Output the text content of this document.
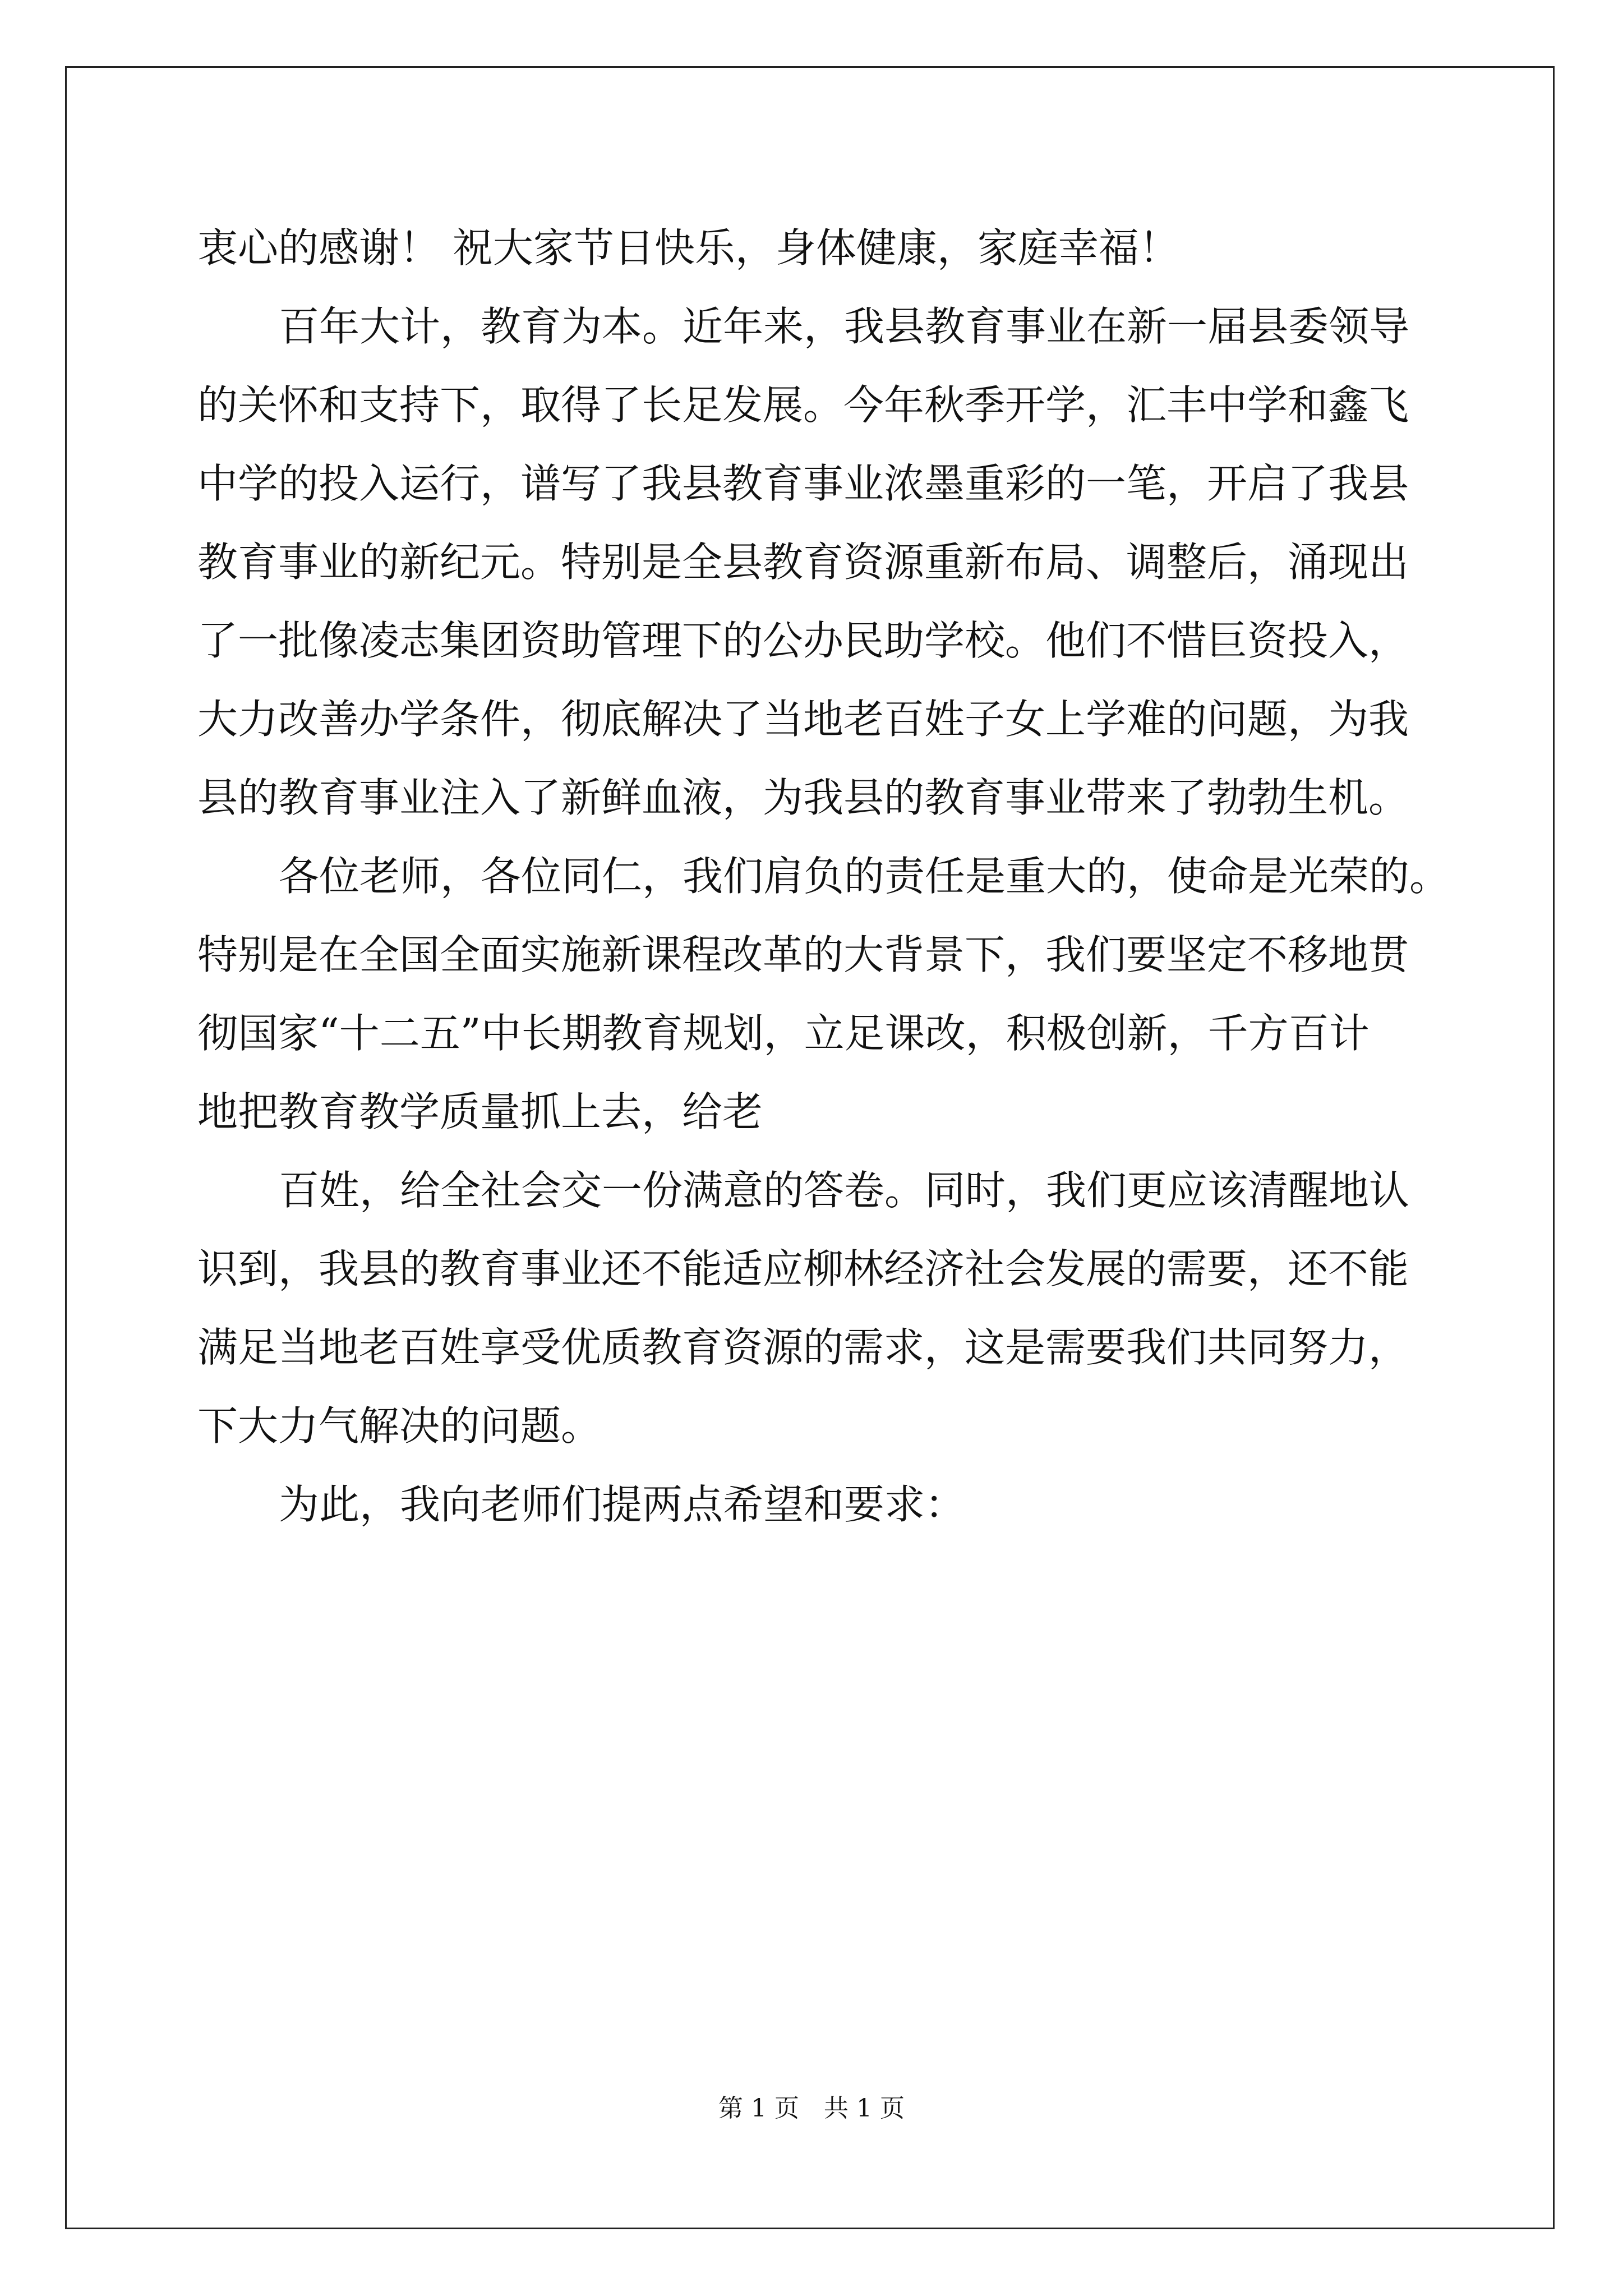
衷心的感谢！ 祝大家节日快乐，身体健康，家庭幸福！
百年大计，教育为本。近年来，我县教育事业在新一届县委领导
的关怀和支持下，取得了长足发展。今年秋季开学，汇丰中学和鑫飞
中学的投入运行，谱写了我县教育事业浓墨重彩的一笔，开启了我县
教育事业的新纪元。特别是全县教育资源重新布局、调整后，涌现出
了一批像凌志集团资助管理下的公办民助学校。他们不惜巨资投入，
大力改善办学条件，彻底解决了当地老百姓子女上学难的问题，为我
县的教育事业注入了新鲜血液，为我县的教育事业带来了勃勃生机。
各位老师，各位同仁，我们肩负的责任是重大的，使命是光荣的。
特别是在全国全面实施新课程改革的大背景下，我们要坚定不移地贯
彻国家“十二五”中长期教育规划，立足课改，积极创新，千方百计
地把教育教学质量抓上去，给老
百姓，给全社会交一份满意的答卷。同时，我们更应该清醒地认
识到，我县的教育事业还不能适应柳林经济社会发展的需要，还不能
满足当地老百姓享受优质教育资源的需求，这是需要我们共同努力，
下大力气解决的问题。
为此，我向老师们提两点希望和要求：
第 1 页　共 1 页
